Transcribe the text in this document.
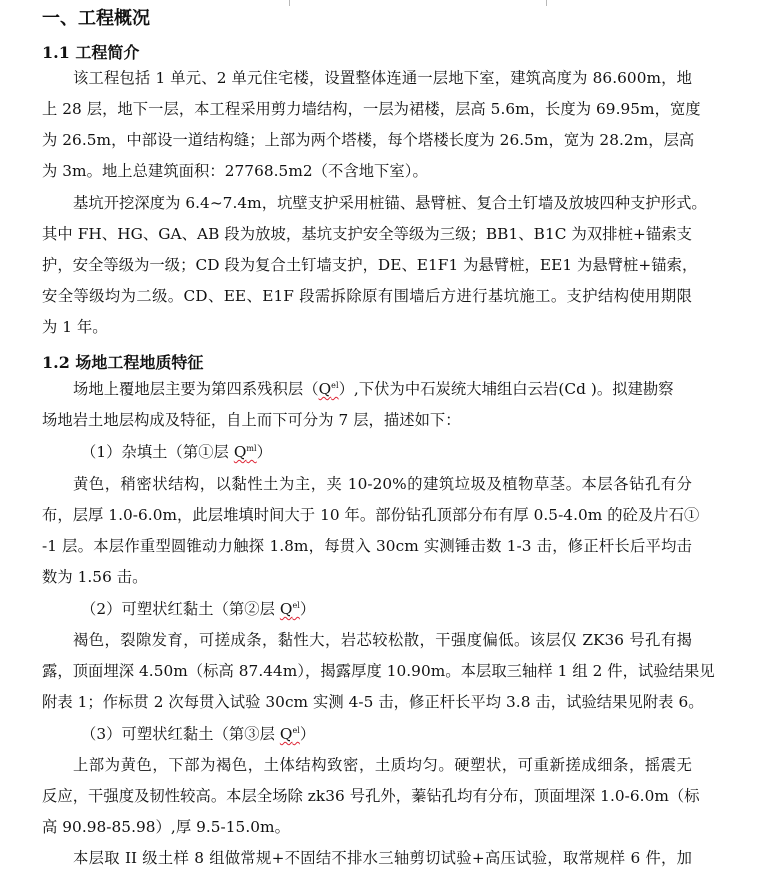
一、工程概况
1.1 工程简介
该工程包括 1 单元、2 单元住宅楼，设置整体连通一层地下室，建筑高度为 86.600m，地
上 28 层，地下一层，本工程采用剪力墙结构，一层为裙楼，层高 5.6m，长度为 69.95m，宽度
为 26.5m，中部设一道结构缝；上部为两个塔楼，每个塔楼长度为 26.5m，宽为 28.2m，层高
为 3m。地上总建筑面积：27768.5m2（不含地下室）。
基坑开挖深度为 6.4~7.4m，坑壁支护采用桩锚、悬臂桩、复合土钉墙及放坡四种支护形式。
其中 FH、HG、GA、AB 段为放坡，基坑支护安全等级为三级；BB1、B1C 为双排桩+锚索支
护，安全等级为一级；CD 段为复合土钉墙支护，DE、E1F1 为悬臂桩，EE1 为悬臂桩+锚索，
安全等级均为二级。CD、EE、E1F 段需拆除原有围墙后方进行基坑施工。支护结构使用期限
为 1 年。
1.2 场地工程地质特征
场地上覆地层主要为第四系残积层$(Q^{el})$,下伏为中石炭统大埔组白云岩(Cd )。拟建勘察
场地岩土地层构成及特征，自上而下可分为 7 层，描述如下：
（1）杂填土（第①层 $Q^{ml}$）
黄色，稍密状结构，以黏性土为主，夹 10-20%的建筑垃圾及植物草茎。本层各钻孔有分
布，层厚 1.0-6.0m，此层堆填时间大于 10 年。部份钻孔顶部分布有厚 0.5-4.0m 的砼及片石①
-1 层。本层作重型圆锥动力触探 1.8m，每贯入 30cm 实测锤击数 1-3 击，修正杆长后平均击
数为 1.56 击。
（2）可塑状红黏土（第②层 $Q^{el}$）
褐色，裂隙发育，可搓成条，黏性大，岩芯较松散，干强度偏低。该层仅 ZK36 号孔有揭
露，顶面埋深 4.50m（标高 87.44m），揭露厚度 10.90m。本层取三轴样 1 组 2 件，试验结果见
附表 1；作标贯 2 次每贯入试验 30cm 实测 4-5 击，修正杆长平均 3.8 击，试验结果见附表 6。
（3）可塑状红黏土（第③层 $Q^{el}$）
上部为黄色，下部为褐色，土体结构致密，土质均匀。硬塑状，可重新搓成细条，摇震无
反应，干强度及韧性较高。本层全场除 zk36 号孔外，蓁钻孔均有分布，顶面埋深 1.0-6.0m（标
高 90.98-85.98）,厚 9.5-15.0m。
本层取 II 级土样 8 组做常规+不固结不排水三轴剪切试验+高压试验，取常规样 6 件，加
